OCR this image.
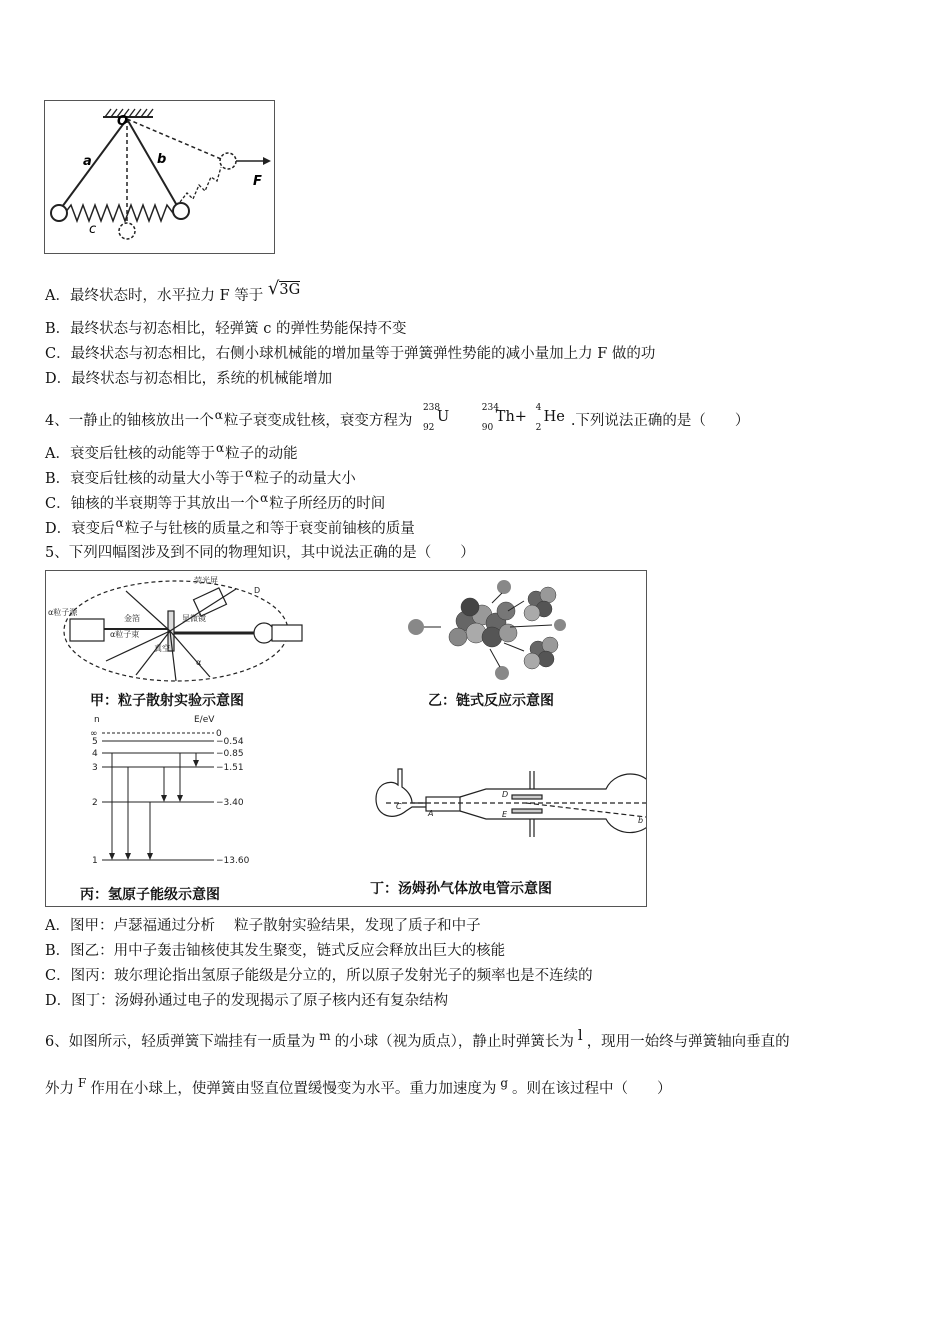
O
a	b
c
F
A．最终状态时，水平拉力 F 等于 √3G
B．最终状态与初态相比，轻弹簧 c 的弹性势能保持不变
C．最终状态与初态相比，右侧小球机械能的增加量等于弹簧弹性势能的减小量加上力 F 做的功
D．最终状态与初态相比，系统的机械能增加
4、一静止的铀核放出一个$^\alpha$粒子衰变成钍核，衰变方程为
238
92
U
234
90
Th+
4
2
He .下列说法正确的是（　　）
A．衰变后钍核的动能等于$^\alpha$粒子的动能
B．衰变后钍核的动量大小等于$^\alpha$粒子的动量大小
C．铀核的半衰期等于其放出一个$^\alpha$粒子所经历的时间
D．衰变后$^\alpha$粒子与钍核的质量之和等于衰变前铀核的质量
5、下列四幅图涉及到不同的物理知识，其中说法正确的是（　　）
α粒子源
荧光屏
显微镜
金箔
α粒子束
真空
D
α
甲：粒子散射实验示意图	乙：链式反应示意图
n	E/eV
∞	0
5	−0.54
4	−0.85
3	−1.51
2	−3.40
1	−13.60
丙：氢原子能级示意图
C
A
D
E
b
丁：汤姆孙气体放电管示意图
A．图甲：卢瑟福通过分析　 粒子散射实验结果，发现了质子和中子
B．图乙：用中子轰击铀核使其发生聚变，链式反应会释放出巨大的核能
C．图丙：玻尔理论指出氢原子能级是分立的，所以原子发射光子的频率也是不连续的
D．图丁：汤姆孙通过电子的发现揭示了原子核内还有复杂结构
6、如图所示，轻质弹簧下端挂有一质量为 $^m$ 的小球（视为质点），静止时弹簧长为 l ，现用一始终与弹簧轴向垂直的
外力 $^F$ 作用在小球上，使弹簧由竖直位置缓慢变为水平。重力加速度为 $^g$ 。则在该过程中（　　）
